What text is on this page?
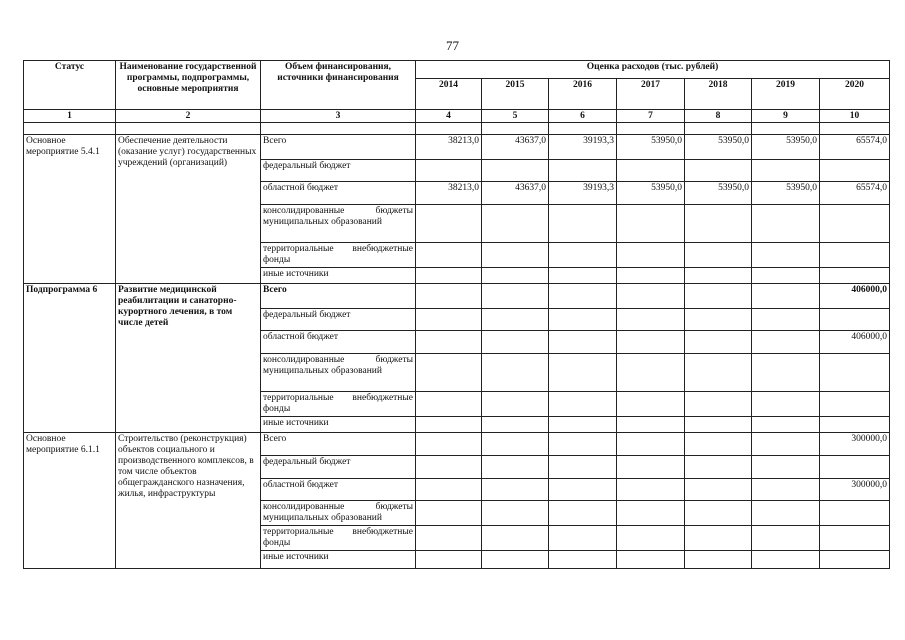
77
Статус	Наименование государственной программы, подпрограммы, основные мероприятия	Объем финансирования, источники финансирования	Оценка расходов (тыс. рублей)						
			2014	2015	2016	2017	2018	2019	2020
1	2	3	4	5	6	7	8	9	10

Основное мероприятие 5.4.1	Обеспечение деятельности (оказание услуг) государственных учреждений (организаций)	Всего	38213,0	43637,0	39193,3	53950,0	53950,0	53950,0	65574,0
		федеральный бюджет							
		областной бюджет	38213,0	43637,0	39193,3	53950,0	53950,0	53950,0	65574,0
		консолидированные бюджеты муниципальных образований							
		территориальные внебюджетные фонды							
		иные источники							
Подпрограмма 6	Развитие медицинской реабилитации и санаторно-курортного лечения, в том числе детей	Всего							406000,0
		федеральный бюджет							
		областной бюджет							406000,0
		консолидированные бюджеты муниципальных образований							
		территориальные внебюджетные фонды							
		иные источники							
Основное мероприятие 6.1.1	Строительство (реконструкция) объектов социального и производственного комплексов, в том числе объектов общегражданского назначения, жилья, инфраструктуры	Всего							300000,0
		федеральный бюджет							
		областной бюджет							300000,0
		консолидированные бюджеты муниципальных образований							
		территориальные внебюджетные фонды							
		иные источники							
